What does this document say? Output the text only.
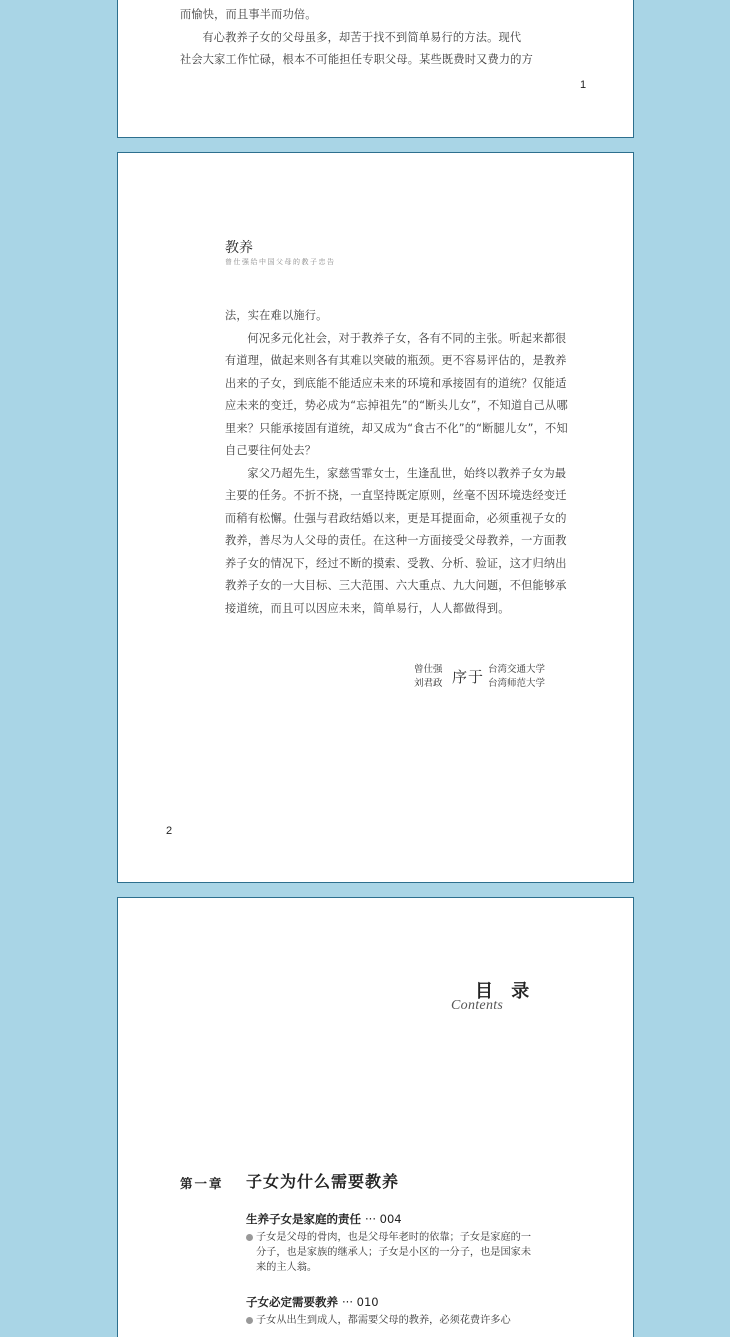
而愉快，而且事半而功倍。

有心教养子女的父母虽多，却苦于找不到简单易行的方法。现代

社会大家工作忙碌，根本不可能担任专职父母。某些既费时又费力的方

1
教养
曾仕强给中国父母的教子忠告

法，实在难以施行。

何况多元化社会，对于教养子女，各有不同的主张。听起来都很有道理，做起来则各有其难以突破的瓶颈。更不容易评估的，是教养出来的子女，到底能不能适应未来的环境和承接固有的道统？仅能适应未来的变迁，势必成为“忘掉祖先”的“断头儿女”，不知道自己从哪里来？只能承接固有道统，却又成为“食古不化”的“断腿儿女”，不知自己要往何处去？

家父乃超先生，家慈雪霏女士，生逢乱世，始终以教养子女为最主要的任务。不折不挠，一直坚持既定原则，丝毫不因环境迭经变迁而稍有松懈。仕强与君政结婚以来，更是耳提面命，必须重视子女的教养，善尽为人父母的责任。在这种一方面接受父母教养，一方面教养子女的情况下，经过不断的摸索、受教、分析、验证，这才归纳出教养子女的一大目标、三大范围、六大重点、九大问题，不但能够承接道统，而且可以因应未来，简单易行，人人都做得到。

曾仕强
刘君政 序于 台湾交通大学
台湾师范大学
2
目 录
Contents
第一章 子女为什么需要教养
生养子女是家庭的责任 ··· 004
子女是父母的骨肉，也是父母年老时的依靠；子女是家庭的一分子，也是家族的继承人；子女是小区的一分子，也是国家未来的主人翁。
子女必定需要教养 ··· 010
子女从出生到成人，都需要父母的教养，必须花费许多心
